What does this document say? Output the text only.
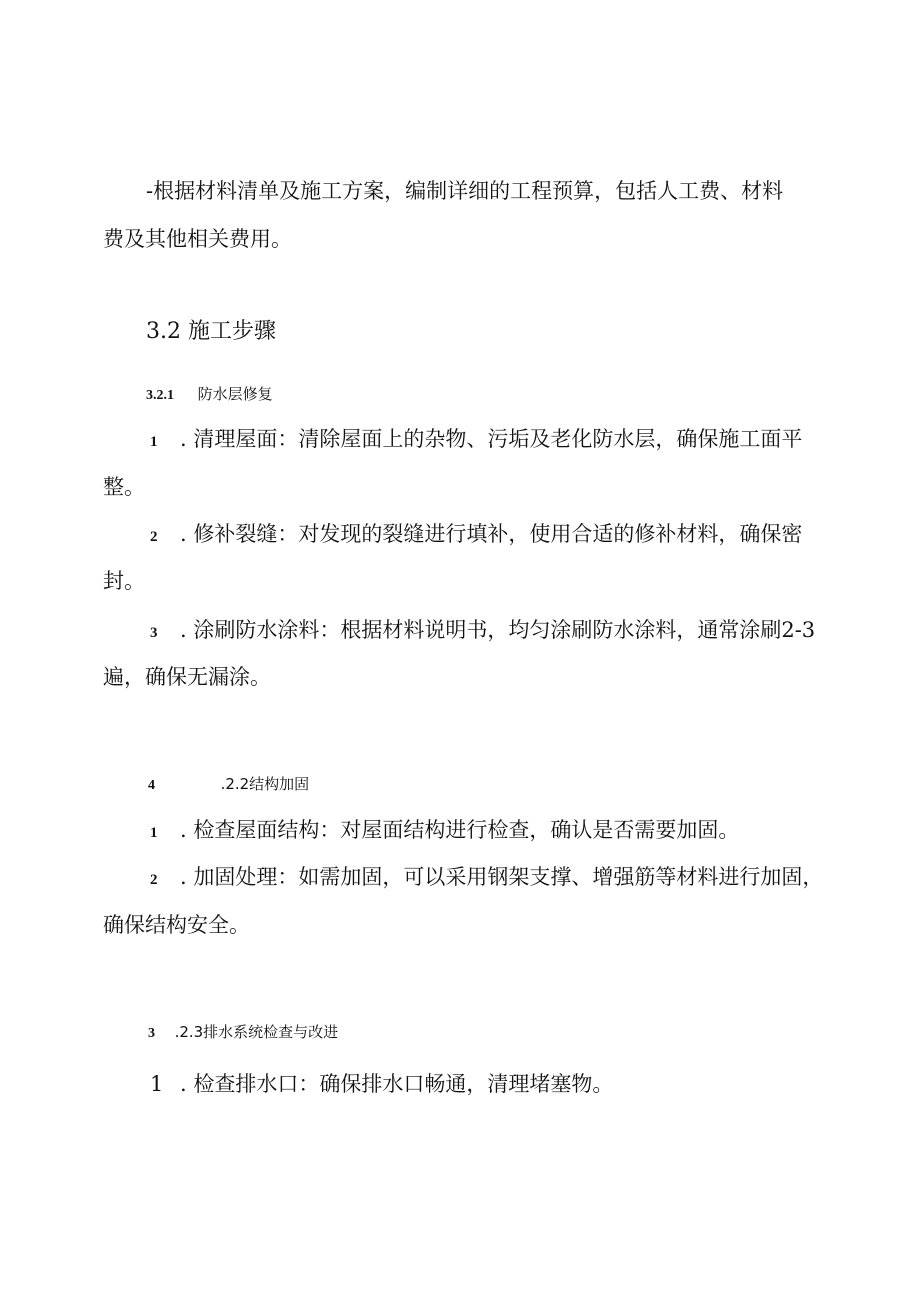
-根据材料清单及施工方案，编制详细的工程预算，包括人工费、材料
费及其他相关费用。
3.2 施工步骤
3.2.1 防水层修复
1 . 清理屋面：清除屋面上的杂物、污垢及老化防水层，确保施工面平
整。
2 . 修补裂缝：对发现的裂缝进行填补，使用合适的修补材料，确保密
封。
3 . 涂刷防水涂料：根据材料说明书，均匀涂刷防水涂料，通常涂刷2-3
遍，确保无漏涂。
4	.2.2结构加固
1 . 检查屋面结构：对屋面结构进行检查，确认是否需要加固。
2 . 加固处理：如需加固，可以采用钢架支撑、增强筋等材料进行加固，
确保结构安全。
3 .2.3排水系统检查与改进
1 . 检查排水口：确保排水口畅通，清理堵塞物。
